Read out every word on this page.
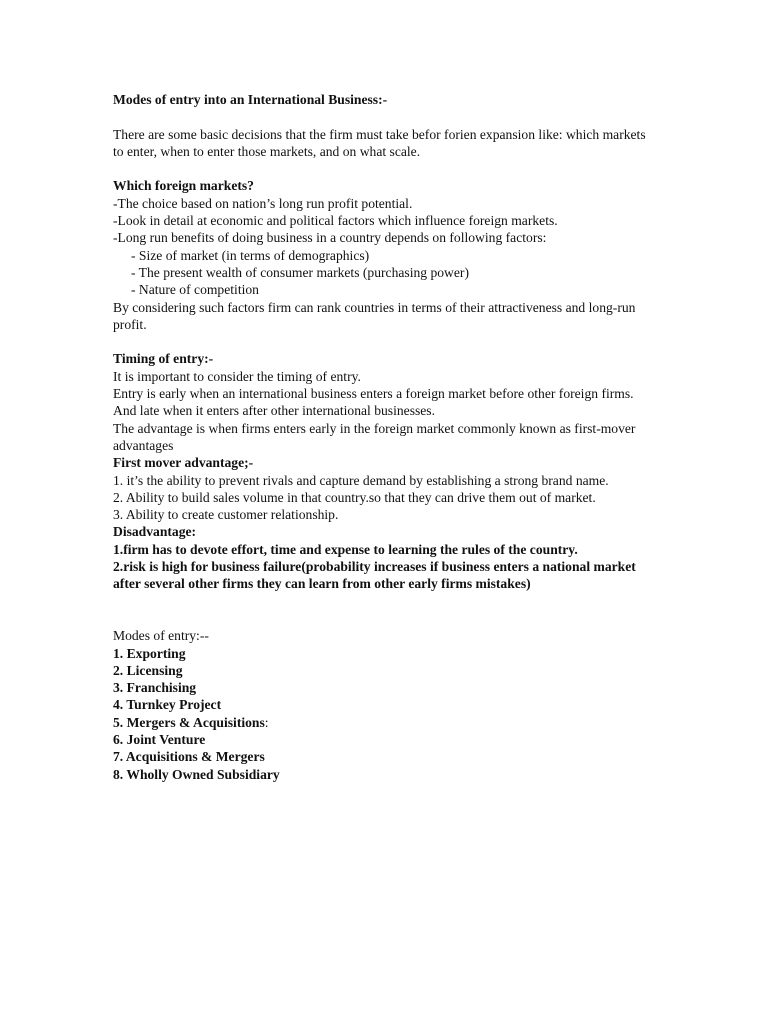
Modes of entry into an International Business:-
There are some basic decisions that the firm must take befor forien expansion like: which markets to enter, when to enter those markets, and on what scale.
Which foreign markets?
-The choice based on nation’s long run profit potential.
-Look in detail at economic and political factors which influence foreign markets.
-Long run benefits of doing business in a country depends on following factors:
- Size of market (in terms of demographics)
- The present wealth of consumer markets (purchasing power)
- Nature of competition
By considering such factors firm can rank countries in terms of their attractiveness and long-run profit.
Timing of entry:-
It is important to consider the timing of entry.
Entry is early when an international business enters a foreign market before other foreign firms. And late when it enters after other international businesses.
The advantage is when firms enters early in the foreign market commonly known as first-mover advantages
First mover advantage;-
1. it’s the ability to prevent rivals and capture demand by establishing a strong brand name.
2. Ability to build sales volume in that country.so that they can drive them out of market.
3. Ability to create customer relationship.
Disadvantage:
1.firm has to devote effort, time and expense to learning the rules of the country.
2.risk is high for business failure(probability increases if business enters a national market after several other firms they can learn from other early firms mistakes)
Modes of entry:--
1. Exporting
2. Licensing
3. Franchising
4. Turnkey Project
5. Mergers & Acquisitions:
6. Joint Venture
7. Acquisitions & Mergers
8. Wholly Owned Subsidiary
